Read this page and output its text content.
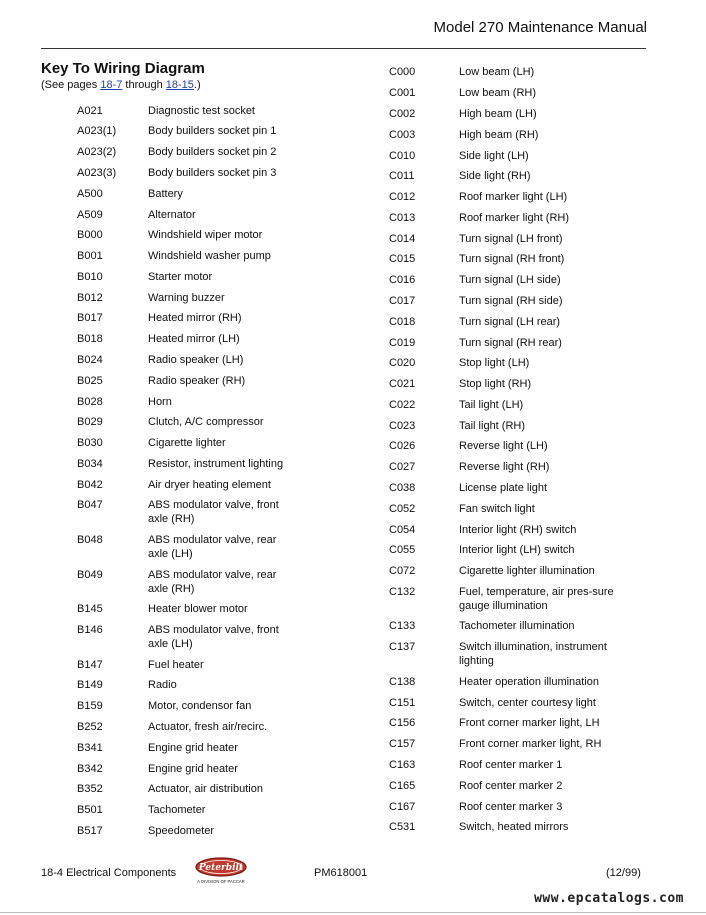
Model 270 Maintenance Manual
Key To Wiring Diagram
(See pages 18-7 through 18-15.)
A021	Diagnostic test socket
A023(1)	Body builders socket pin 1
A023(2)	Body builders socket pin 2
A023(3)	Body builders socket pin 3
A500	Battery
A509	Alternator
B000	Windshield wiper motor
B001	Windshield washer pump
B010	Starter motor
B012	Warning buzzer
B017	Heated mirror (RH)
B018	Heated mirror (LH)
B024	Radio speaker (LH)
B025	Radio speaker (RH)
B028	Horn
B029	Clutch, A/C compressor
B030	Cigarette lighter
B034	Resistor, instrument lighting
B042	Air dryer heating element
B047	ABS modulator valve, front axle (RH)
B048	ABS modulator valve, rear axle (LH)
B049	ABS modulator valve, rear axle (RH)
B145	Heater blower motor
B146	ABS modulator valve, front axle (LH)
B147	Fuel heater
B149	Radio
B159	Motor, condensor fan
B252	Actuator, fresh air/recirc.
B341	Engine grid heater
B342	Engine grid heater
B352	Actuator, air distribution
B501	Tachometer
B517	Speedometer
C000	Low beam (LH)
C001	Low beam (RH)
C002	High beam (LH)
C003	High beam (RH)
C010	Side light (LH)
C011	Side light (RH)
C012	Roof marker light (LH)
C013	Roof marker light (RH)
C014	Turn signal (LH front)
C015	Turn signal (RH front)
C016	Turn signal (LH side)
C017	Turn signal (RH side)
C018	Turn signal (LH rear)
C019	Turn signal (RH rear)
C020	Stop light (LH)
C021	Stop light (RH)
C022	Tail light (LH)
C023	Tail light (RH)
C026	Reverse light (LH)
C027	Reverse light (RH)
C038	License plate light
C052	Fan switch light
C054	Interior light (RH) switch
C055	Interior light (LH) switch
C072	Cigarette lighter illumination
C132	Fuel, temperature, air pres-sure gauge illumination
C133	Tachometer illumination
C137	Switch illumination, instrument lighting
C138	Heater operation illumination
C151	Switch, center courtesy light
C156	Front corner marker light, LH
C157	Front corner marker light, RH
C163	Roof center marker 1
C165	Roof center marker 2
C167	Roof center marker 3
C531	Switch, heated mirrors
18-4 Electrical Components	Peterbilt
A DIVISION OF PACCAR
PM618001	(12/99)
www.epcatalogs.com
